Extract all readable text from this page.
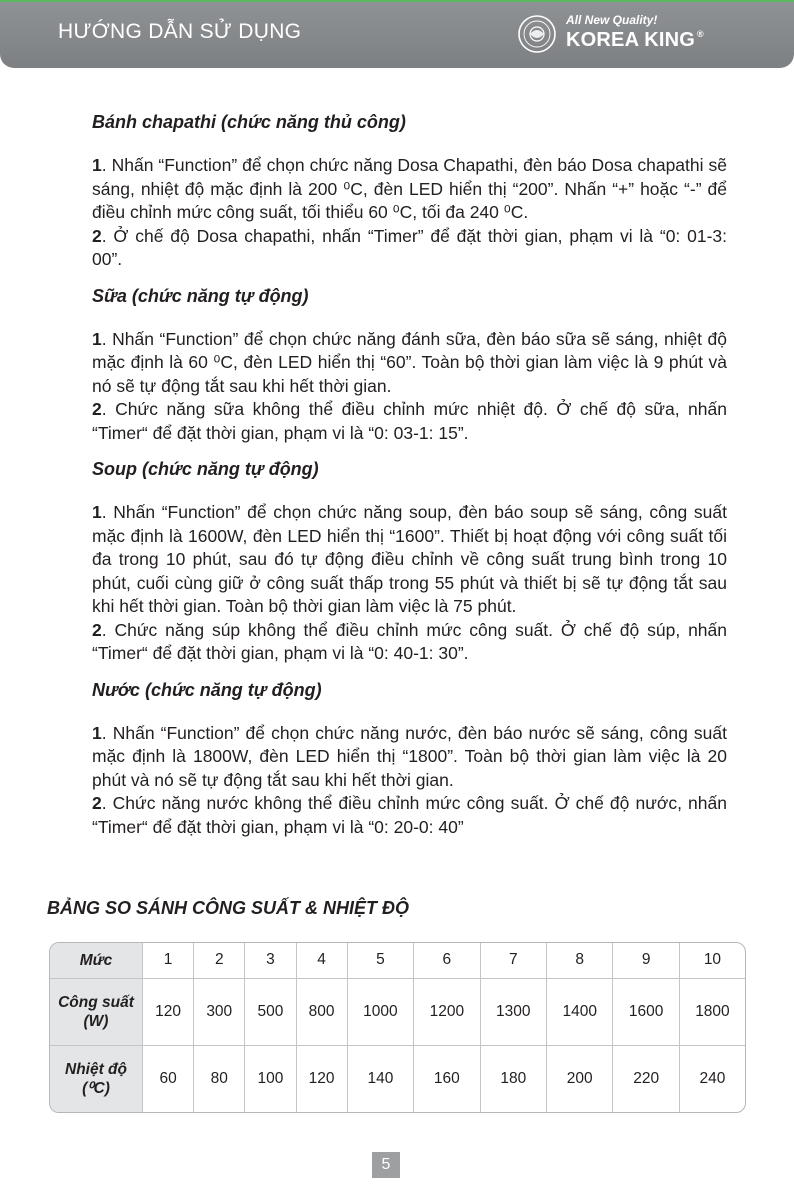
HƯỚNG DẪN SỬ DỤNG	All New Quality!
KOREA KING ®

Bánh chapathi (chức năng thủ công)

1. Nhấn “Function” để chọn chức năng Dosa Chapathi, đèn báo Dosa chapathi sẽ sáng, nhiệt độ mặc định là 200 ⁰C, đèn LED hiển thị “200”. Nhấn “+” hoặc “-” để điều chỉnh mức công suất, tối thiểu 60 ⁰C, tối đa 240 ⁰C.

2. Ở chế độ Dosa chapathi, nhấn “Timer” để đặt thời gian, phạm vi là “0: 01-3: 00”.

Sữa (chức năng tự động)

1. Nhấn “Function” để chọn chức năng đánh sữa, đèn báo sữa sẽ sáng, nhiệt độ mặc định là 60 ⁰C, đèn LED hiển thị “60”. Toàn bộ thời gian làm việc là 9 phút và nó sẽ tự động tắt sau khi hết thời gian.

2. Chức năng sữa không thể điều chỉnh mức nhiệt độ. Ở chế độ sữa, nhấn “Timer“ để đặt thời gian, phạm vi là “0: 03-1: 15”.

Soup (chức năng tự động)

1. Nhấn “Function” để chọn chức năng soup, đèn báo soup sẽ sáng, công suất mặc định là 1600W, đèn LED hiển thị “1600”. Thiết bị hoạt động với công suất tối đa trong 10 phút, sau đó tự động điều chỉnh về công suất trung bình trong 10 phút, cuối cùng giữ ở công suất thấp trong 55 phút và thiết bị sẽ tự động tắt sau khi hết thời gian. Toàn bộ thời gian làm việc là 75 phút.

2. Chức năng súp không thể điều chỉnh mức công suất. Ở chế độ súp, nhấn “Timer“ để đặt thời gian, phạm vi là “0: 40-1: 30”.

Nước (chức năng tự động)

1. Nhấn “Function” để chọn chức năng nước, đèn báo nước sẽ sáng, công suất mặc định là 1800W, đèn LED hiển thị “1800”. Toàn bộ thời gian làm việc là 20 phút và nó sẽ tự động tắt sau khi hết thời gian.

2. Chức năng nước không thể điều chỉnh mức công suất. Ở chế độ nước, nhấn “Timer“ để đặt thời gian, phạm vi là “0: 20-0: 40”

BẢNG SO SÁNH CÔNG SUẤT & NHIỆT ĐỘ
Mức	1	2	3	4	5	6	7	8	9	10
Công suất
(W)	120	300	500	800	1000	1200	1300	1400	1600	1800
Nhiệt độ
(⁰C)	60	80	100	120	140	160	180	200	220	240
5
